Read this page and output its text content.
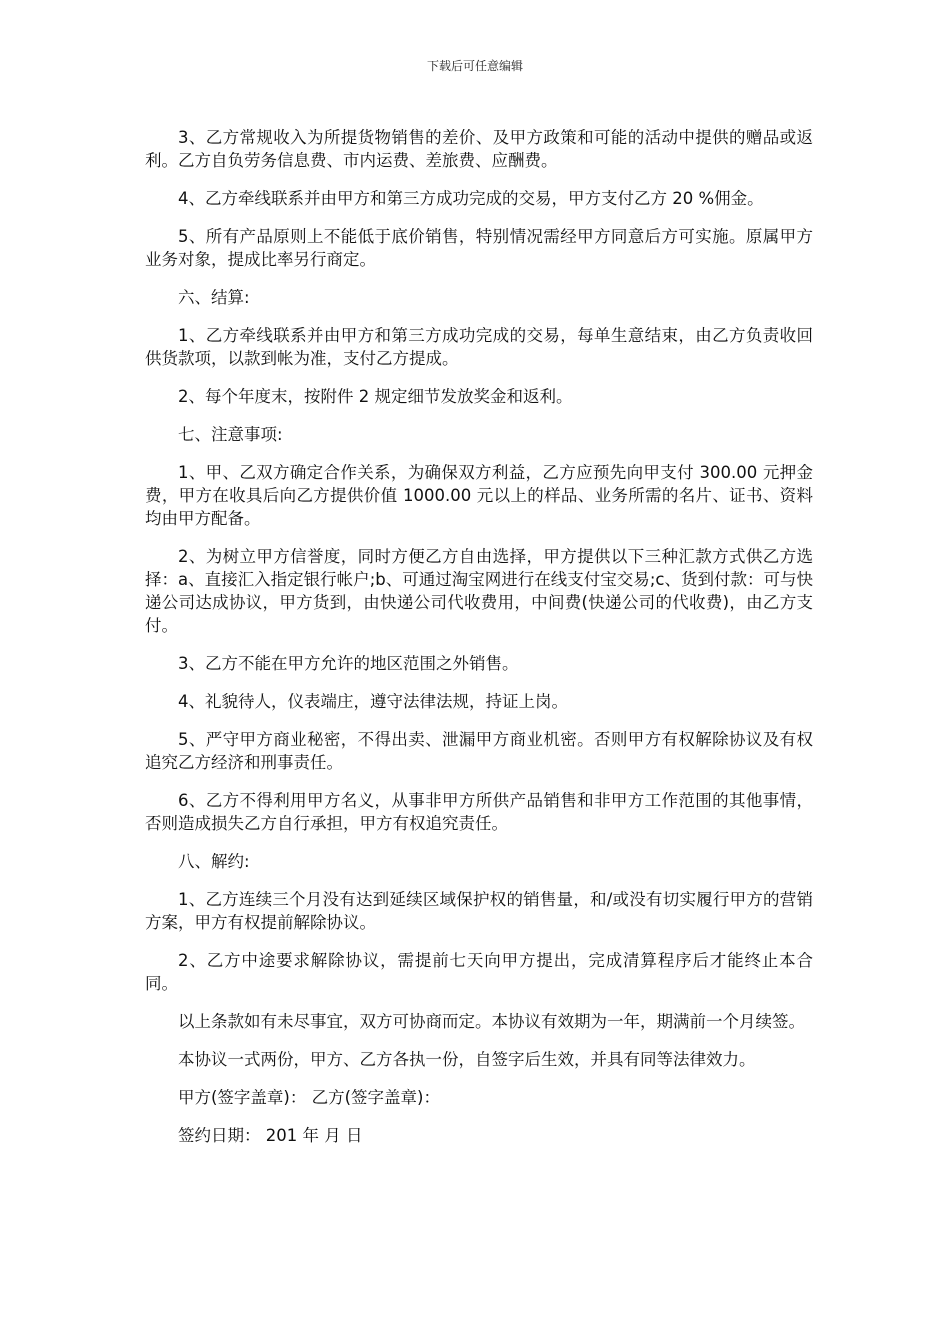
下载后可任意编辑

3、乙方常规收入为所提货物销售的差价、及甲方政策和可能的活动中提供的赠品或返利。乙方自负劳务信息费、市内运费、差旅费、应酬费。

4、乙方牵线联系并由甲方和第三方成功完成的交易，甲方支付乙方 20 %佣金。

5、所有产品原则上不能低于底价销售，特别情况需经甲方同意后方可实施。原属甲方业务对象，提成比率另行商定。

六、结算:

1、乙方牵线联系并由甲方和第三方成功完成的交易，每单生意结束，由乙方负责收回供货款项，以款到帐为准，支付乙方提成。

2、每个年度末，按附件 2 规定细节发放奖金和返利。

七、注意事项:

1、甲、乙双方确定合作关系，为确保双方利益，乙方应预先向甲支付 300.00 元押金费，甲方在收具后向乙方提供价值 1000.00 元以上的样品、业务所需的名片、证书、资料均由甲方配备。

2、为树立甲方信誉度，同时方便乙方自由选择，甲方提供以下三种汇款方式供乙方选择：a、直接汇入指定银行帐户;b、可通过淘宝网进行在线支付宝交易;c、货到付款：可与快递公司达成协议，甲方货到，由快递公司代收费用，中间费(快递公司的代收费)，由乙方支付。

3、乙方不能在甲方允许的地区范围之外销售。

4、礼貌待人，仪表端庄，遵守法律法规，持证上岗。

5、严守甲方商业秘密，不得出卖、泄漏甲方商业机密。否则甲方有权解除协议及有权追究乙方经济和刑事责任。

6、乙方不得利用甲方名义，从事非甲方所供产品销售和非甲方工作范围的其他事情，否则造成损失乙方自行承担，甲方有权追究责任。

八、解约:

1、乙方连续三个月没有达到延续区域保护权的销售量，和/或没有切实履行甲方的营销方案，甲方有权提前解除协议。

2、乙方中途要求解除协议，需提前七天向甲方提出，完成清算程序后才能终止本合同。

以上条款如有未尽事宜，双方可协商而定。本协议有效期为一年，期满前一个月续签。

本协议一式两份，甲方、乙方各执一份，自签字后生效，并具有同等法律效力。

甲方(签字盖章)： 乙方(签字盖章)：

签约日期： 201 年 月 日
